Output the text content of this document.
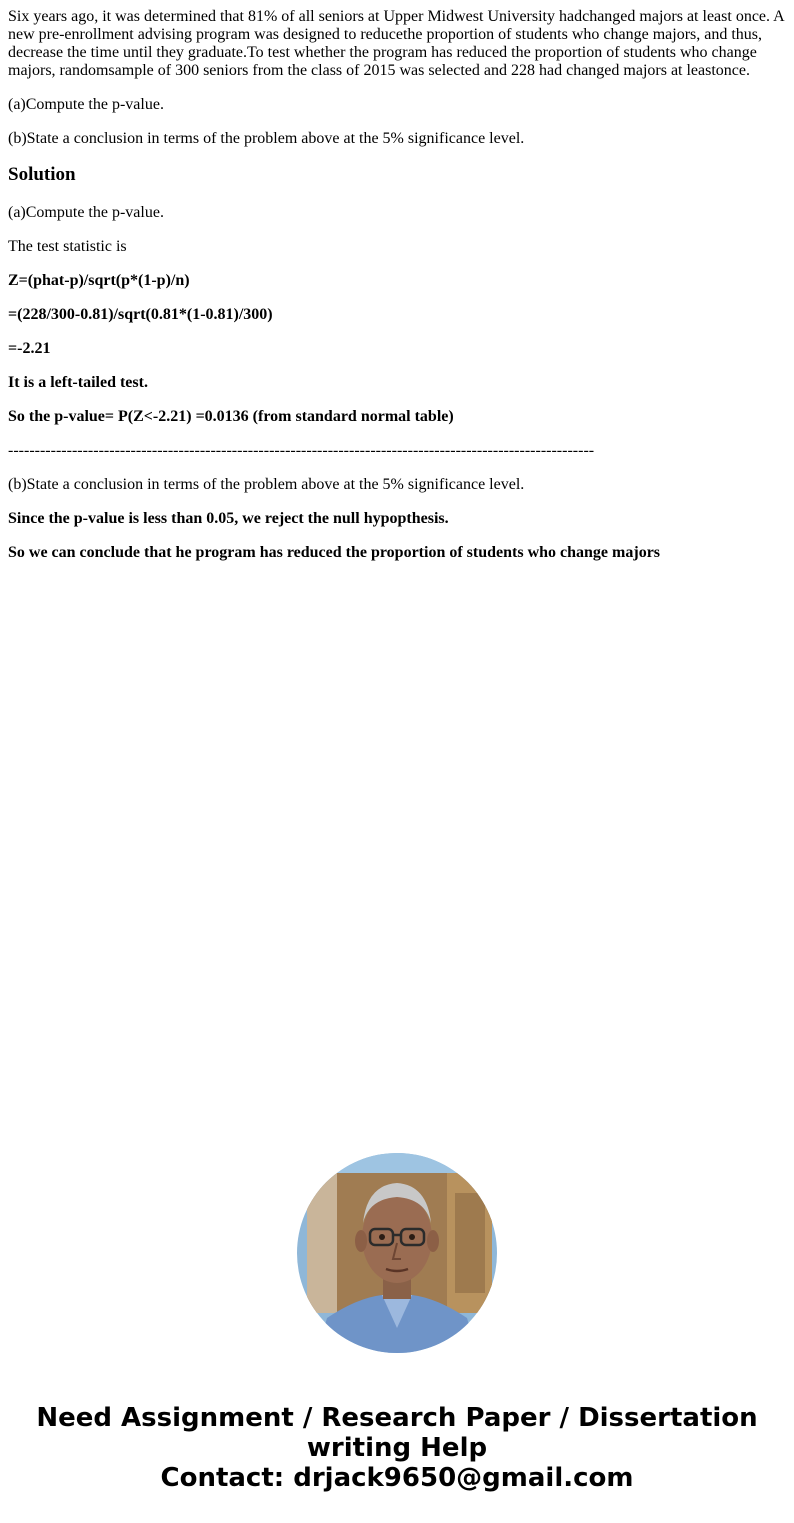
Six years ago, it was determined that 81% of all seniors at Upper Midwest University hadchanged majors at least once. A new pre-enrollment advising program was designed to reducethe proportion of students who change majors, and thus, decrease the time until they graduate.To test whether the program has reduced the proportion of students who change majors, randomsample of 300 seniors from the class of 2015 was selected and 228 had changed majors at leastonce.

(a)Compute the p-value.

(b)State a conclusion in terms of the problem above at the 5% significance level.

Solution

(a)Compute the p-value.

The test statistic is

Z=(phat-p)/sqrt(p*(1-p)/n)

=(228/300-0.81)/sqrt(0.81*(1-0.81)/300)

=-2.21

It is a left-tailed test.

So the p-value= P(Z<-2.21) =0.0136 (from standard normal table)

--------------------------------------------------------------------------------------------------------------

(b)State a conclusion in terms of the problem above at the 5% significance level.

Since the p-value is less than 0.05, we reject the null hypopthesis.

So we can conclude that he program has reduced the proportion of students who change majors

Need Assignment / Research Paper / Dissertation
writing Help
Contact: drjack9650@gmail.com
